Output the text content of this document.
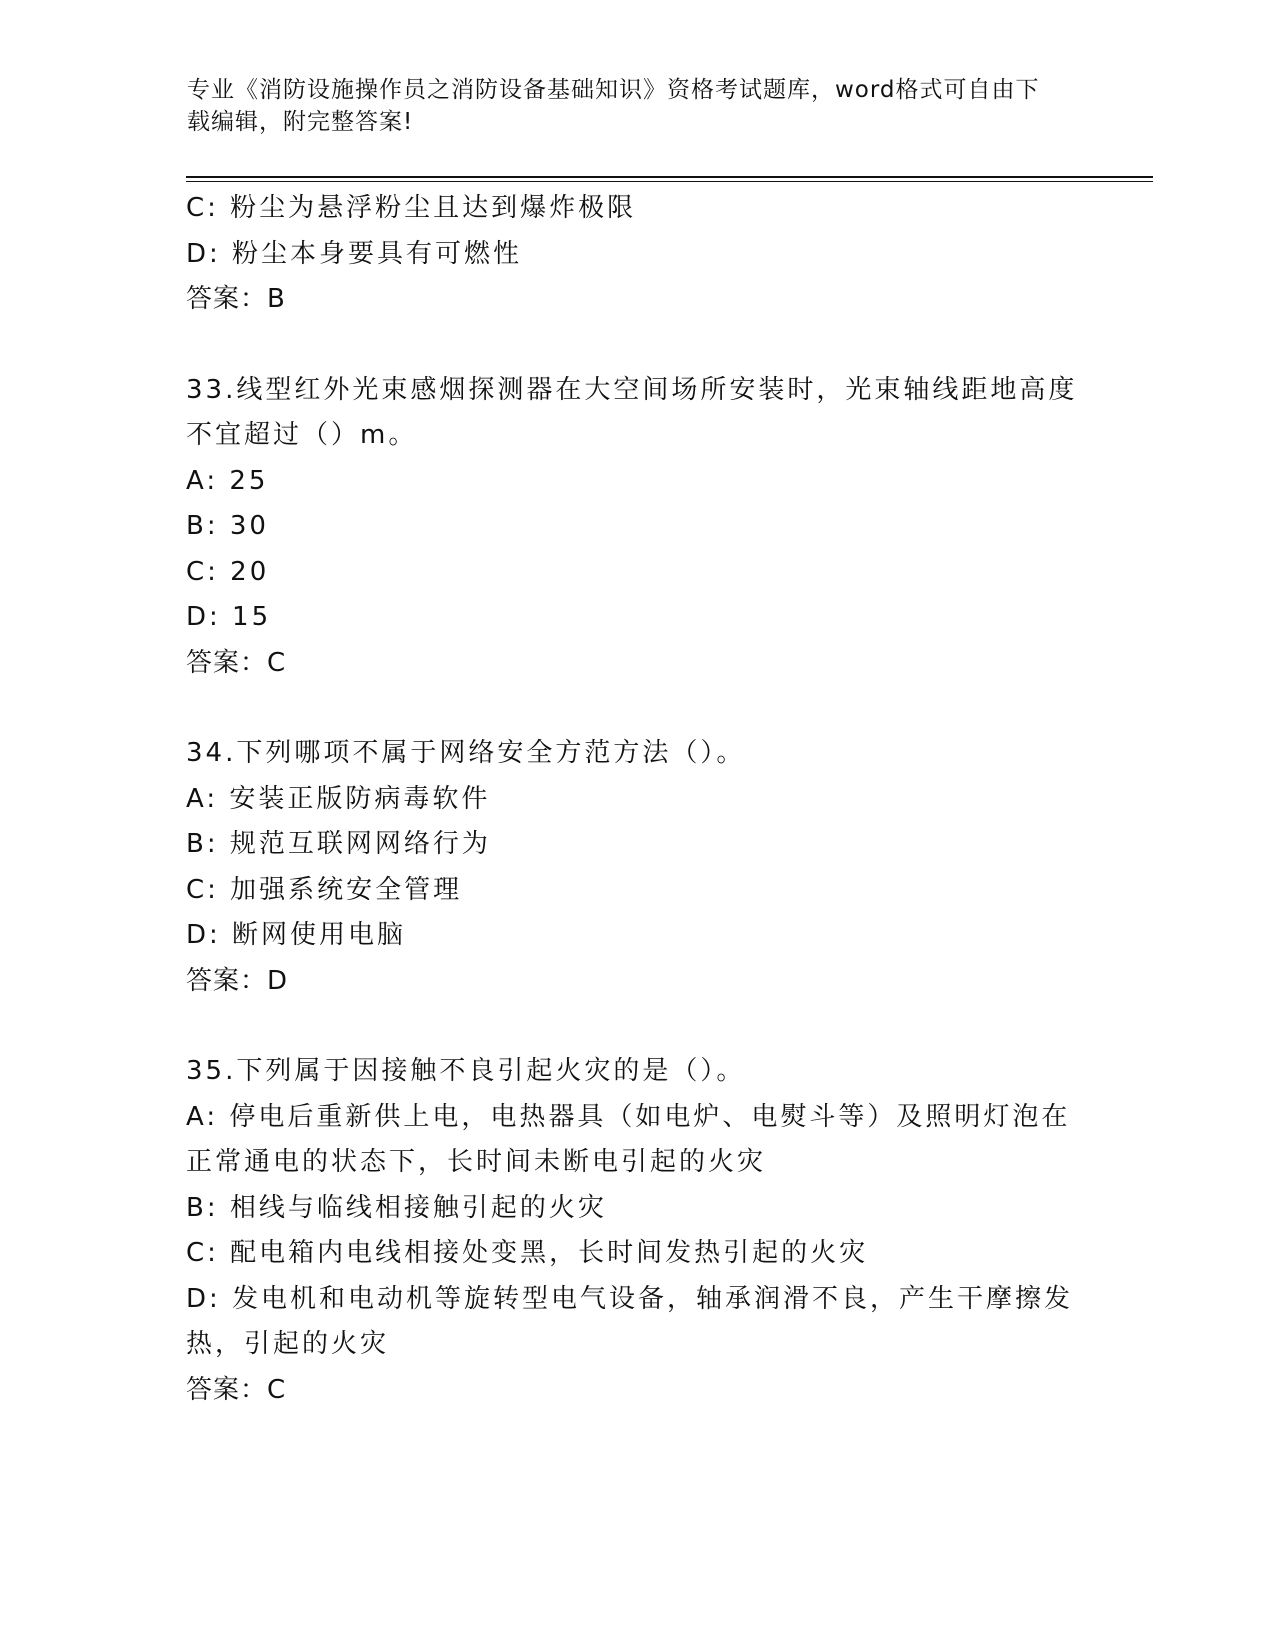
专业《消防设施操作员之消防设备基础知识》资格考试题库，word格式可自由下
载编辑，附完整答案!

C: 粉尘为悬浮粉尘且达到爆炸极限

D: 粉尘本身要具有可燃性

答案：B

33.线型红外光束感烟探测器在大空间场所安装时，光束轴线距地高度

不宜超过（）m。

A: 25

B: 30

C: 20

D: 15

答案：C

34.下列哪项不属于网络安全方范方法（）。

A: 安装正版防病毒软件

B: 规范互联网网络行为

C: 加强系统安全管理

D: 断网使用电脑

答案：D

35.下列属于因接触不良引起火灾的是（）。

A: 停电后重新供上电，电热器具（如电炉、电熨斗等）及照明灯泡在

正常通电的状态下，长时间未断电引起的火灾

B: 相线与临线相接触引起的火灾

C: 配电箱内电线相接处变黑，长时间发热引起的火灾

D: 发电机和电动机等旋转型电气设备，轴承润滑不良，产生干摩擦发

热，引起的火灾

答案：C
